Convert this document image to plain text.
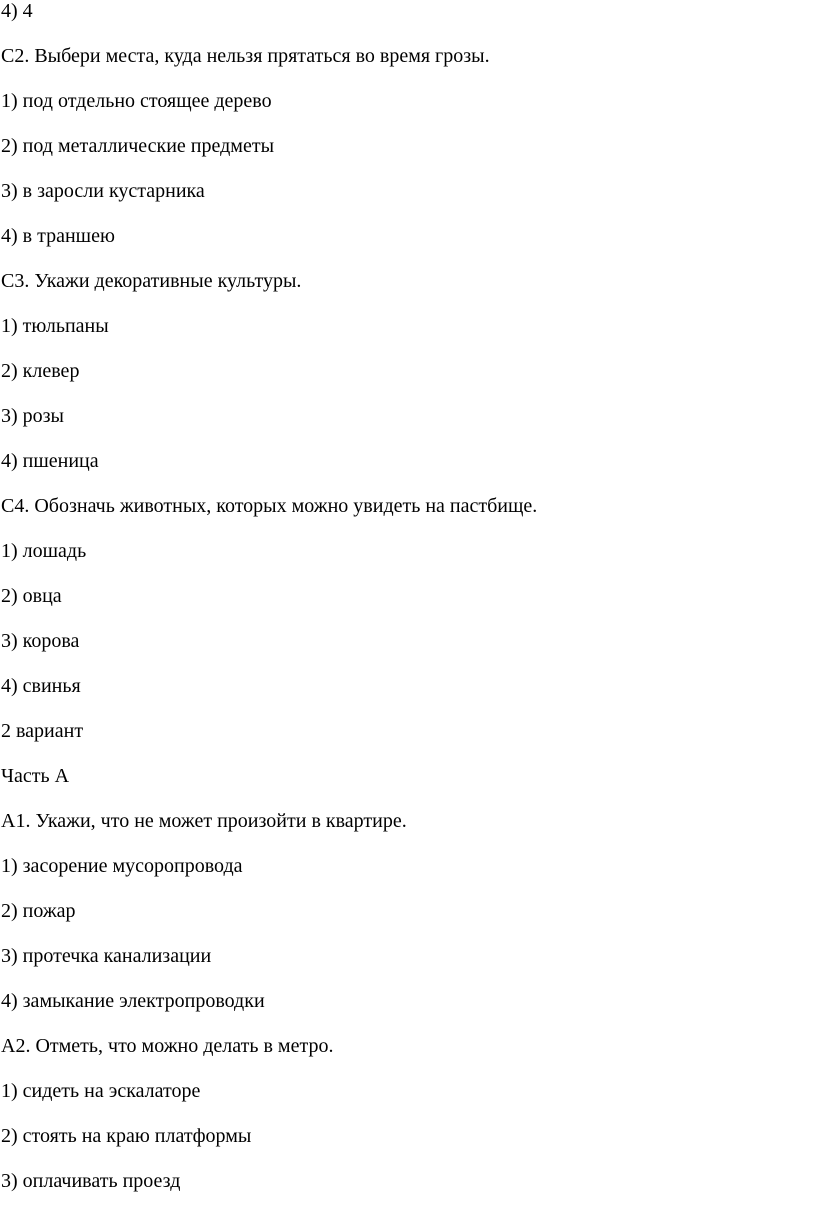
4) 4

С2. Выбери места, куда нельзя прятаться во время грозы.

1) под отдельно стоящее дерево

2) под металлические предметы

3) в заросли кустарника

4) в траншею

С3. Укажи декоративные культуры.

1) тюльпаны

2) клевер

3) розы

4) пшеница

С4. Обозначь животных, которых можно увидеть на пастбище.

1) лошадь

2) овца

3) корова

4) свинья

2 вариант

Часть А

А1. Укажи, что не может произойти в квартире.

1) засорение мусоропровода

2) пожар

3) протечка канализации

4) замыкание электропроводки

А2. Отметь, что можно делать в метро.

1) сидеть на эскалаторе

2) стоять на краю платформы

3) оплачивать проезд
